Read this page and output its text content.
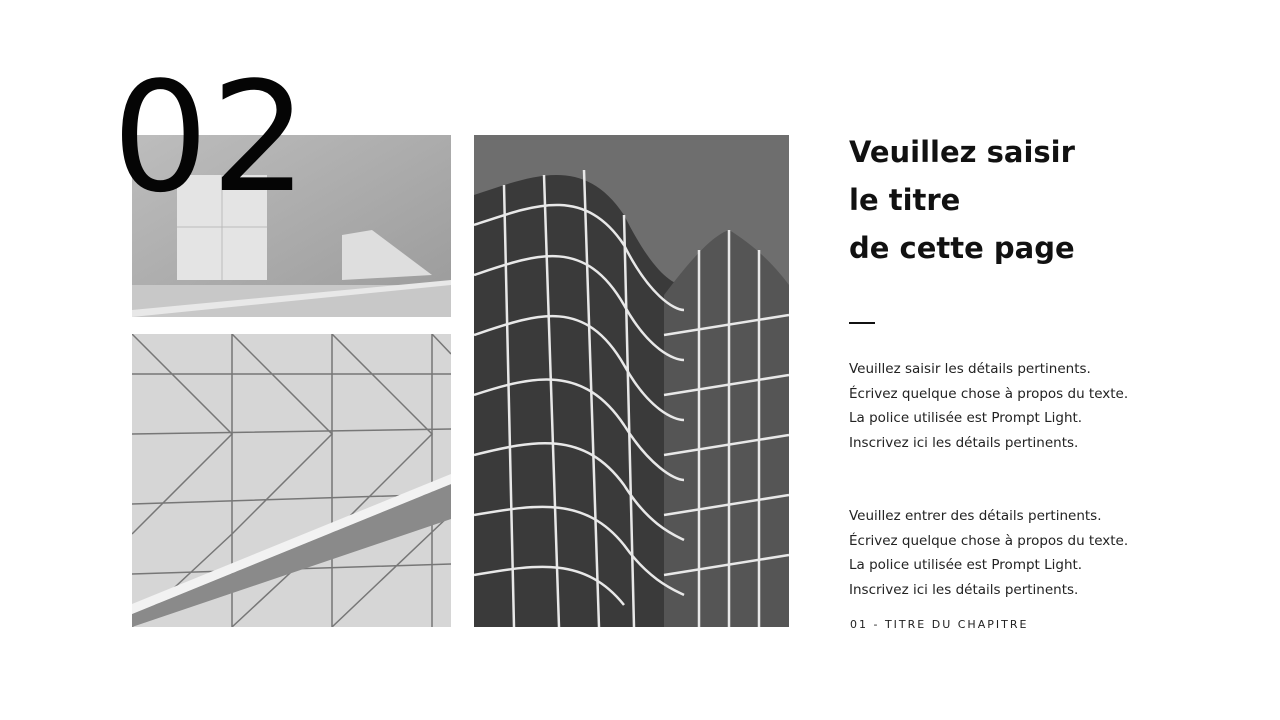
02	Veuillez saisir
le titre
de cette page
Veuillez saisir les détails pertinents.
Écrivez quelque chose à propos du texte.
La police utilisée est Prompt Light.
Inscrivez ici les détails pertinents.
Veuillez entrer des détails pertinents.
Écrivez quelque chose à propos du texte.
La police utilisée est Prompt Light.
Inscrivez ici les détails pertinents.
01 - TITRE DU CHAPITRE
